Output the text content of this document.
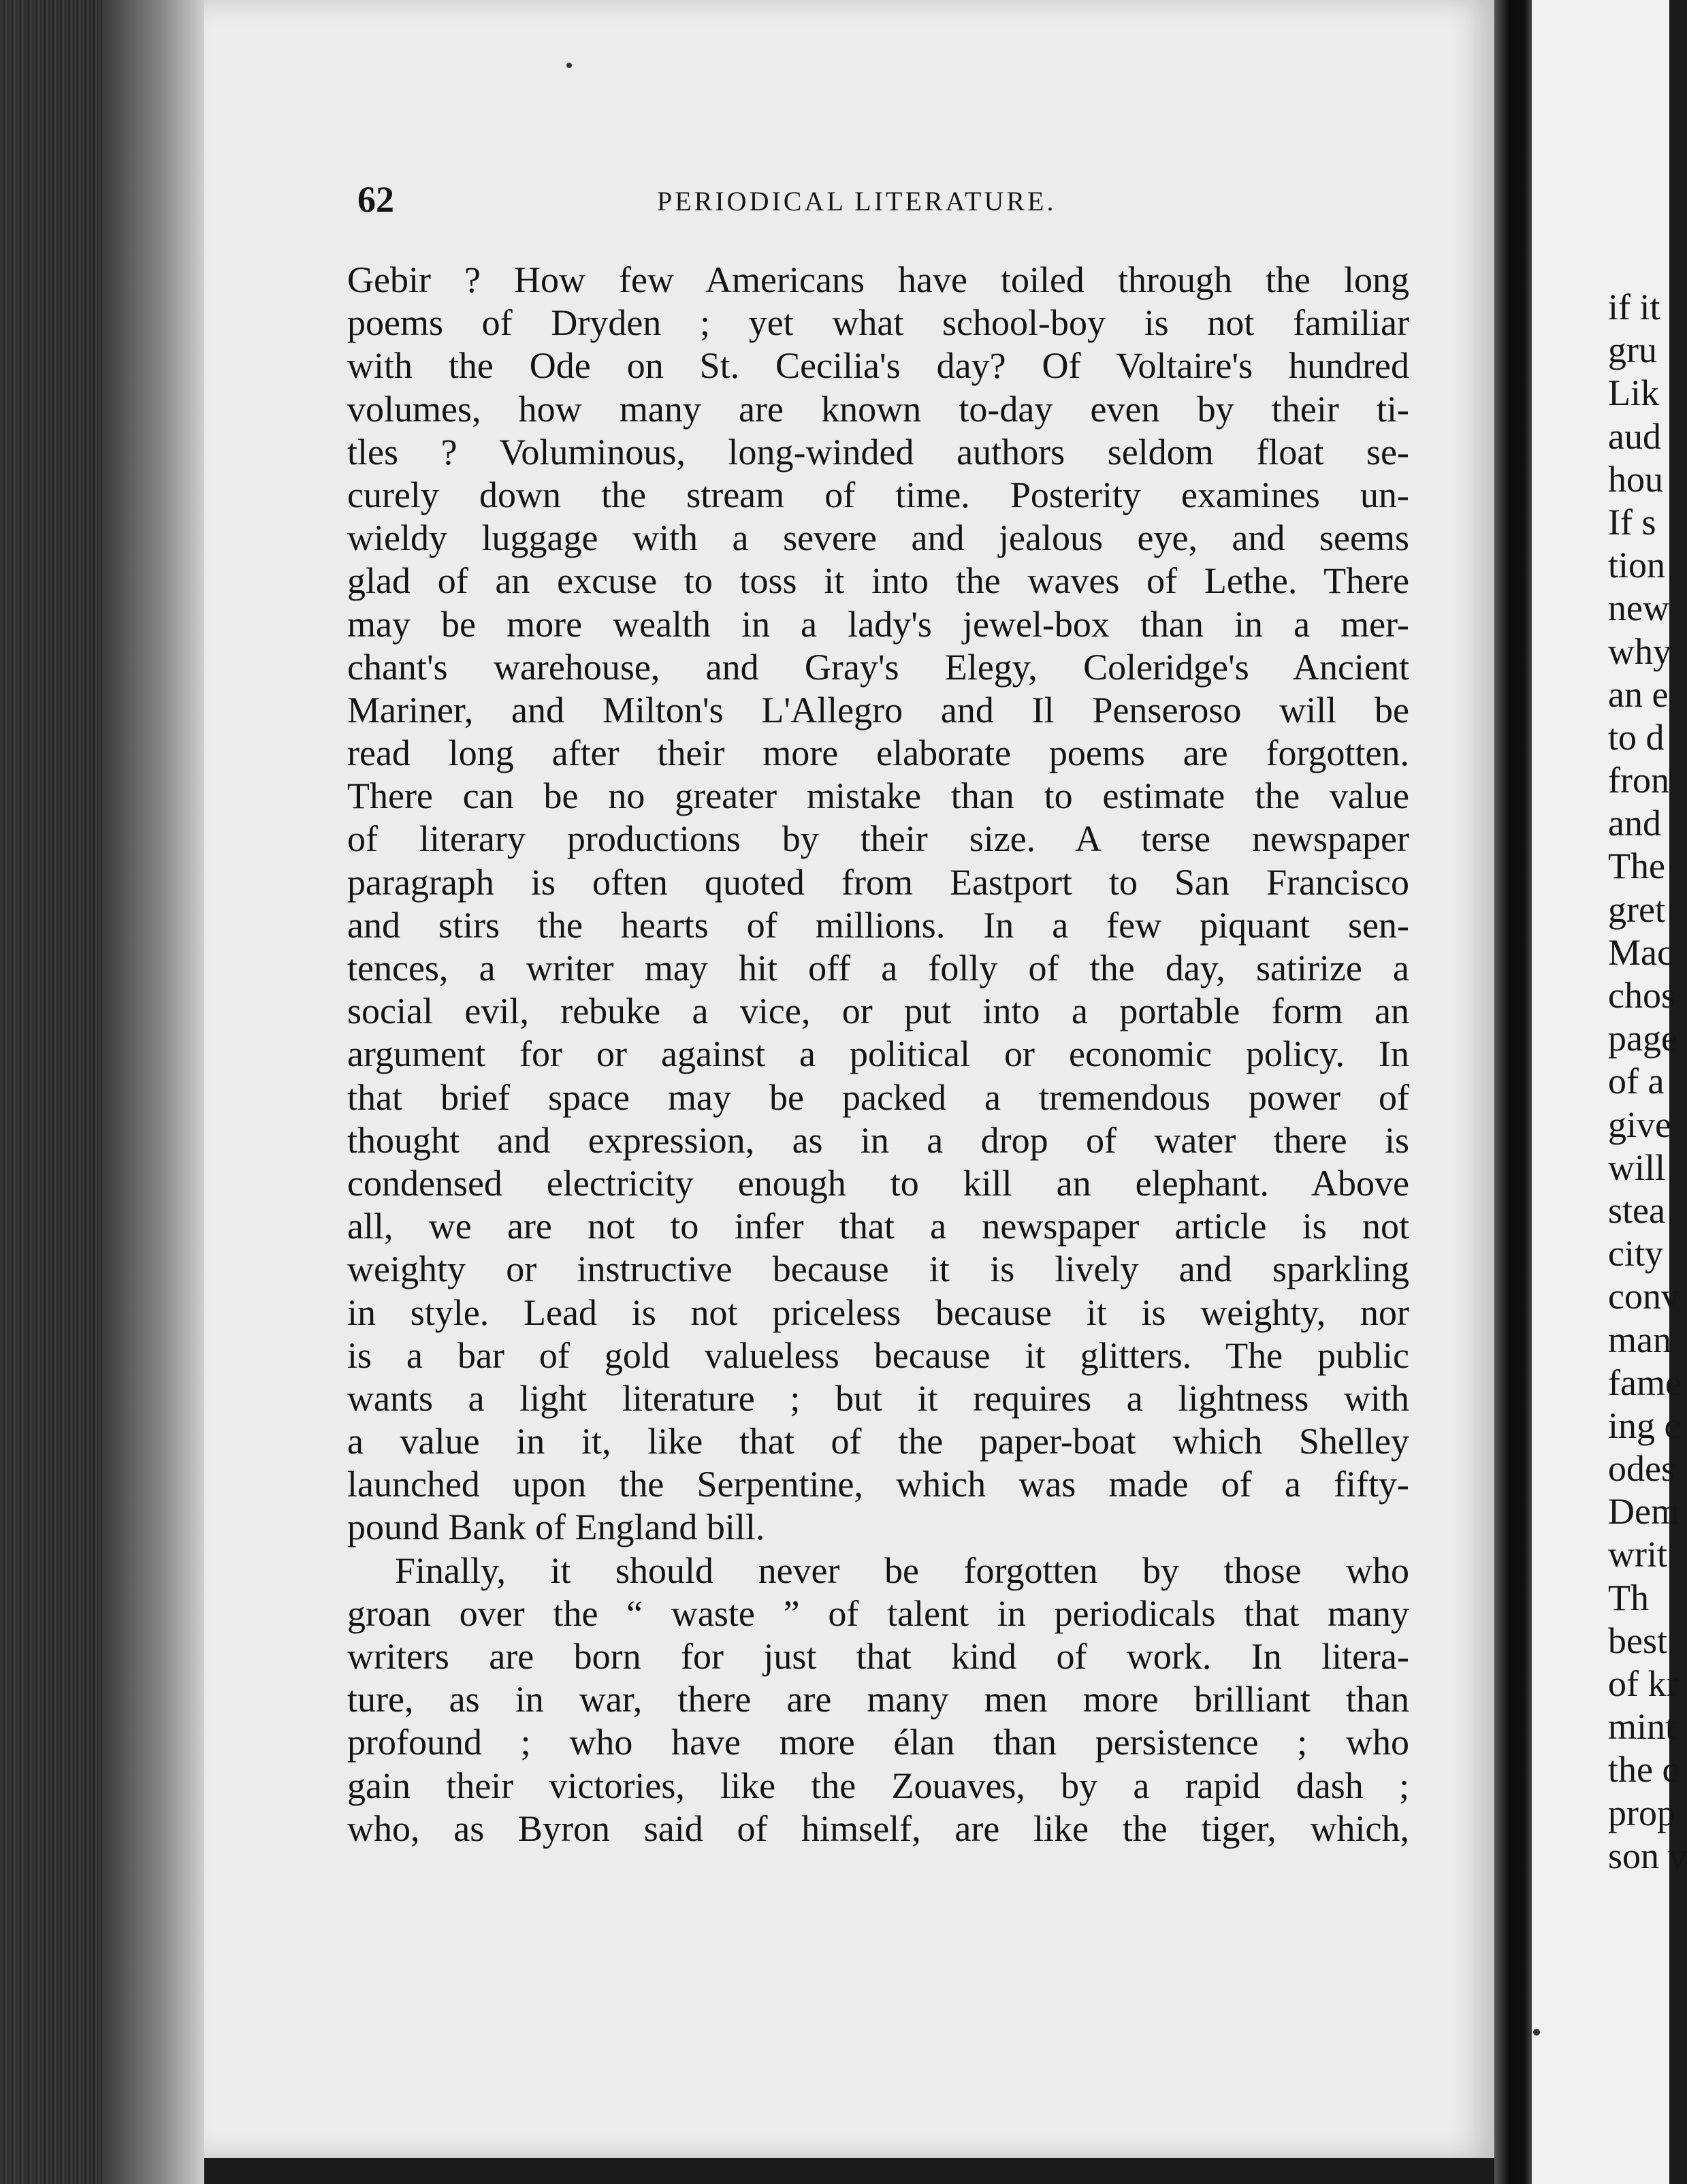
62	PERIODICAL LITERATURE.
Gebir ? How few Americans have toiled through the long
poems of Dryden ; yet what school-boy is not familiar
with the Ode on St. Cecilia's day? Of Voltaire's hundred
volumes, how many are known to-day even by their ti-
tles ? Voluminous, long-winded authors seldom float se-
curely down the stream of time. Posterity examines un-
wieldy luggage with a severe and jealous eye, and seems
glad of an excuse to toss it into the waves of Lethe. There
may be more wealth in a lady's jewel-box than in a mer-
chant's warehouse, and Gray's Elegy, Coleridge's Ancient
Mariner, and Milton's L'Allegro and Il Penseroso will be
read long after their more elaborate poems are forgotten.
There can be no greater mistake than to estimate the value
of literary productions by their size. A terse newspaper
paragraph is often quoted from Eastport to San Francisco
and stirs the hearts of millions. In a few piquant sen-
tences, a writer may hit off a folly of the day, satirize a
social evil, rebuke a vice, or put into a portable form an
argument for or against a political or economic policy. In
that brief space may be packed a tremendous power of
thought and expression, as in a drop of water there is
condensed electricity enough to kill an elephant. Above
all, we are not to infer that a newspaper article is not
weighty or instructive because it is lively and sparkling
in style. Lead is not priceless because it is weighty, nor
is a bar of gold valueless because it glitters. The public
wants a light literature ; but it requires a lightness with
a value in it, like that of the paper-boat which Shelley
launched upon the Serpentine, which was made of a fifty-
pound Bank of England bill.
Finally, it should never be forgotten by those who
groan over the “ waste ” of talent in periodicals that many
writers are born for just that kind of work. In litera-
ture, as in war, there are many men more brilliant than
profound ; who have more élan than persistence ; who
gain their victories, like the Zouaves, by a rapid dash ;
who, as Byron said of himself, are like the tiger, which,
if it
gru
Lik
aud
hou
If s
tion
new
why
an e
to d
fron
and
The
gret
Mac
chos
page
of a
give
will
stea
city
conv
man
fame
ing c
odes
Dem
writ
Th
best
of kr
mint
the c
prop
son v
